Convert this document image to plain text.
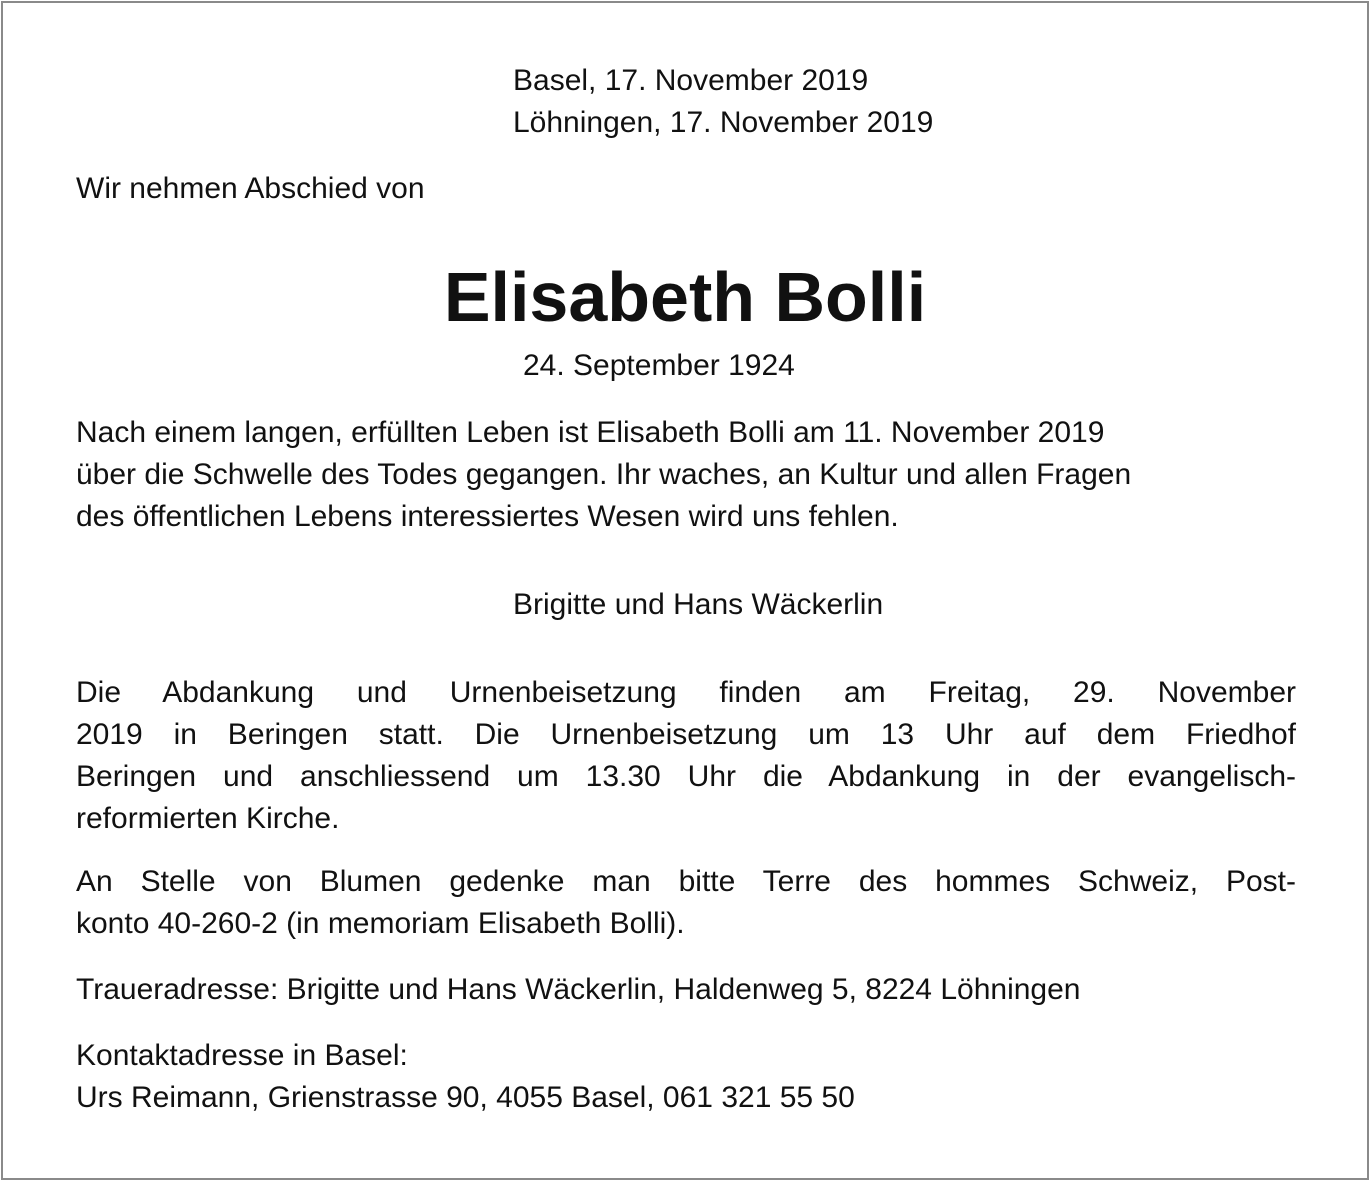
Basel, 17. November 2019
Löhningen, 17. November 2019
Wir nehmen Abschied von
Elisabeth Bolli
24. September 1924
Nach einem langen, erfüllten Leben ist Elisabeth Bolli am 11. November 2019
über die Schwelle des Todes gegangen. Ihr waches, an Kultur und allen Fragen
des öffentlichen Lebens interessiertes Wesen wird uns fehlen.
Brigitte und Hans Wäckerlin
Die Abdankung und Urnenbeisetzung finden am Freitag, 29. November
2019 in Beringen statt. Die Urnenbeisetzung um 13 Uhr auf dem Friedhof
Beringen und anschliessend um 13.30 Uhr die Abdankung in der evangelisch-
reformierten Kirche.
An Stelle von Blumen gedenke man bitte Terre des hommes Schweiz, Post-
konto 40-260-2 (in memoriam Elisabeth Bolli).
Traueradresse: Brigitte und Hans Wäckerlin, Haldenweg 5, 8224 Löhningen
Kontaktadresse in Basel:
Urs Reimann, Grienstrasse 90, 4055 Basel, 061 321 55 50
